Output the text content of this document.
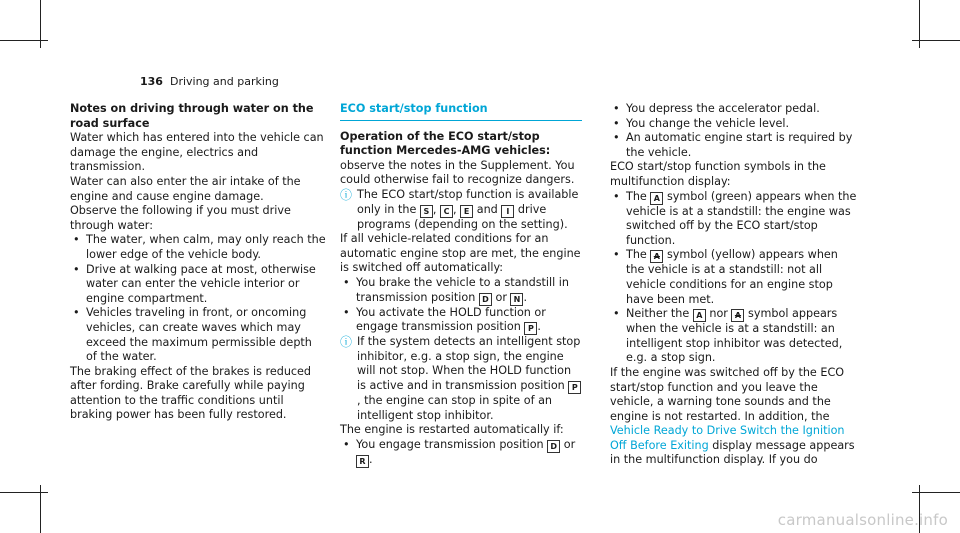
136 Driving and parking

Notes on driving through water on the road surface

Water which has entered into the vehicle can damage the engine, electrics and transmission.

Water can also enter the air intake of the engine and cause engine damage.

Observe the following if you must drive through water:

• The water, when calm, may only reach the lower edge of the vehicle body.

• Drive at walking pace at most, otherwise water can enter the vehicle interior or engine compartment.

• Vehicles traveling in front, or oncoming vehicles, can create waves which may exceed the maximum permissible depth of the water.

The braking effect of the brakes is reduced after fording. Brake carefully while paying attention to the traffic conditions until braking power has been fully restored.

ECO start/stop function

Operation of the ECO start/stop function Mercedes-AMG vehicles: observe the notes in the Supplement. You could otherwise fail to recognize dangers.

ⓘ The ECO start/stop function is available only in the S , C , E and I drive programs (depending on the setting).

If all vehicle-related conditions for an automatic engine stop are met, the engine is switched off automatically:

• You brake the vehicle to a standstill in transmission position D or N .

• You activate the HOLD function or engage transmission position P .

ⓘ If the system detects an intelligent stop inhibitor, e.g. a stop sign, the engine will not stop. When the HOLD function is active and in transmission position P, the engine can stop in spite of an intelligent stop inhibitor.

The engine is restarted automatically if:

• You engage transmission position D or R .

• You depress the accelerator pedal.

• You change the vehicle level.

• An automatic engine start is required by the vehicle.

ECO start/stop function symbols in the multifunction display:

• The A symbol (green) appears when the vehicle is at a standstill: the engine was switched off by the ECO start/stop function.

• The A symbol (yellow) appears when the vehicle is at a standstill: not all vehicle conditions for an engine stop have been met.

• Neither the A nor A symbol appears when the vehicle is at a standstill: an intelligent stop inhibitor was detected, e.g. a stop sign.

If the engine was switched off by the ECO start/stop function and you leave the vehicle, a warning tone sounds and the engine is not restarted. In addition, the Vehicle Ready to Drive Switch the Ignition Off Before Exiting display message appears in the multifunction display. If you do

carmanualsonline.info
